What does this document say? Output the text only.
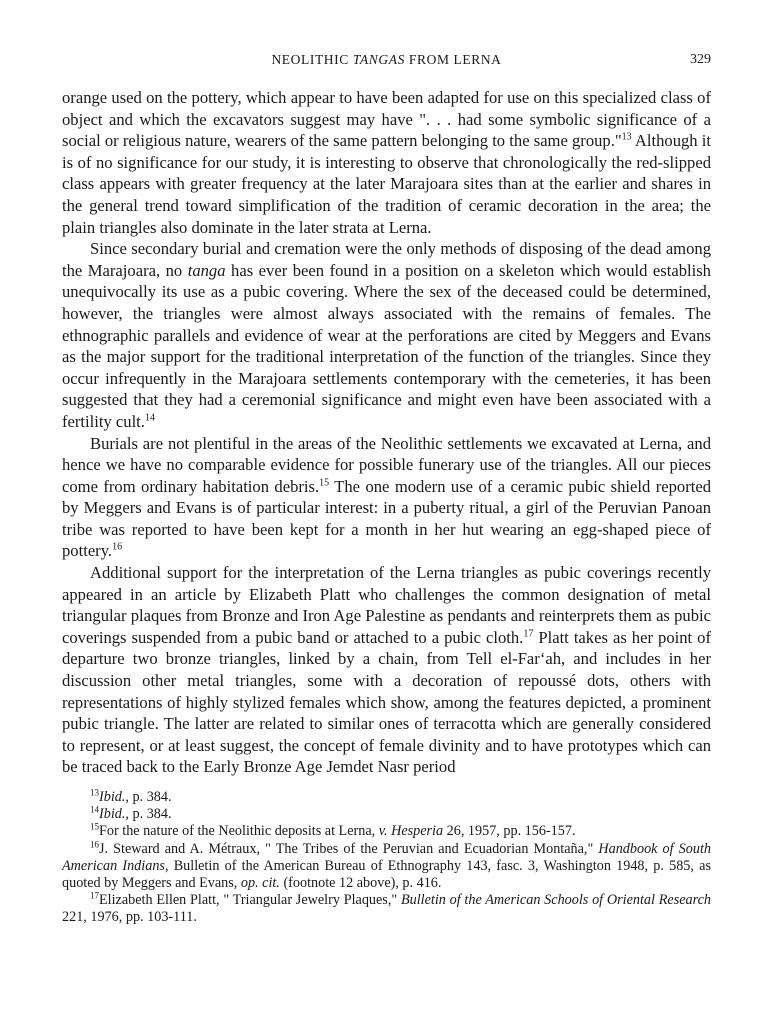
NEOLITHIC TANGAS FROM LERNA	329

orange used on the pottery, which appear to have been adapted for use on this specialized class of object and which the excavators suggest may have ". . . had some symbolic significance of a social or religious nature, wearers of the same pattern belonging to the same group."$^{13}$ Although it is of no significance for our study, it is interesting to observe that chronologically the red-slipped class appears with greater frequency at the later Marajoara sites than at the earlier and shares in the general trend toward simplification of the tradition of ceramic decoration in the area; the plain triangles also dominate in the later strata at Lerna.

Since secondary burial and cremation were the only methods of disposing of the dead among the Marajoara, no tanga has ever been found in a position on a skeleton which would establish unequivocally its use as a pubic covering. Where the sex of the deceased could be determined, however, the triangles were almost always associated with the remains of females. The ethnographic parallels and evidence of wear at the perforations are cited by Meggers and Evans as the major support for the traditional interpretation of the function of the triangles. Since they occur infrequently in the Marajoara settlements contemporary with the cemeteries, it has been suggested that they had a ceremonial significance and might even have been associated with a fertility cult.$^{14}$

Burials are not plentiful in the areas of the Neolithic settlements we excavated at Lerna, and hence we have no comparable evidence for possible funerary use of the triangles. All our pieces come from ordinary habitation debris.$^{15}$ The one modern use of a ceramic pubic shield reported by Meggers and Evans is of particular interest: in a puberty ritual, a girl of the Peruvian Panoan tribe was reported to have been kept for a month in her hut wearing an egg-shaped piece of pottery.$^{16}$

Additional support for the interpretation of the Lerna triangles as pubic coverings recently appeared in an article by Elizabeth Platt who challenges the common designation of metal triangular plaques from Bronze and Iron Age Palestine as pendants and reinterprets them as pubic coverings suspended from a pubic band or attached to a pubic cloth.$^{17}$ Platt takes as her point of departure two bronze triangles, linked by a chain, from Tell el-Far‘ah, and includes in her discussion other metal triangles, some with a decoration of repoussé dots, others with representations of highly stylized females which show, among the features depicted, a prominent pubic triangle. The latter are related to similar ones of terracotta which are generally considered to represent, or at least suggest, the concept of female divinity and to have prototypes which can be traced back to the Early Bronze Age Jemdet Nasr period

$^{13}$Ibid., p. 384.

$^{14}$Ibid., p. 384.

$^{15}$For the nature of the Neolithic deposits at Lerna, v. Hesperia 26, 1957, pp. 156-157.

$^{16}$J. Steward and A. Métraux, " The Tribes of the Peruvian and Ecuadorian Montaña," Handbook of South American Indians, Bulletin of the American Bureau of Ethnography 143, fasc. 3, Washington 1948, p. 585, as quoted by Meggers and Evans, op. cit. (footnote 12 above), p. 416.

$^{17}$Elizabeth Ellen Platt, " Triangular Jewelry Plaques," Bulletin of the American Schools of Oriental Research 221, 1976, pp. 103-111.
